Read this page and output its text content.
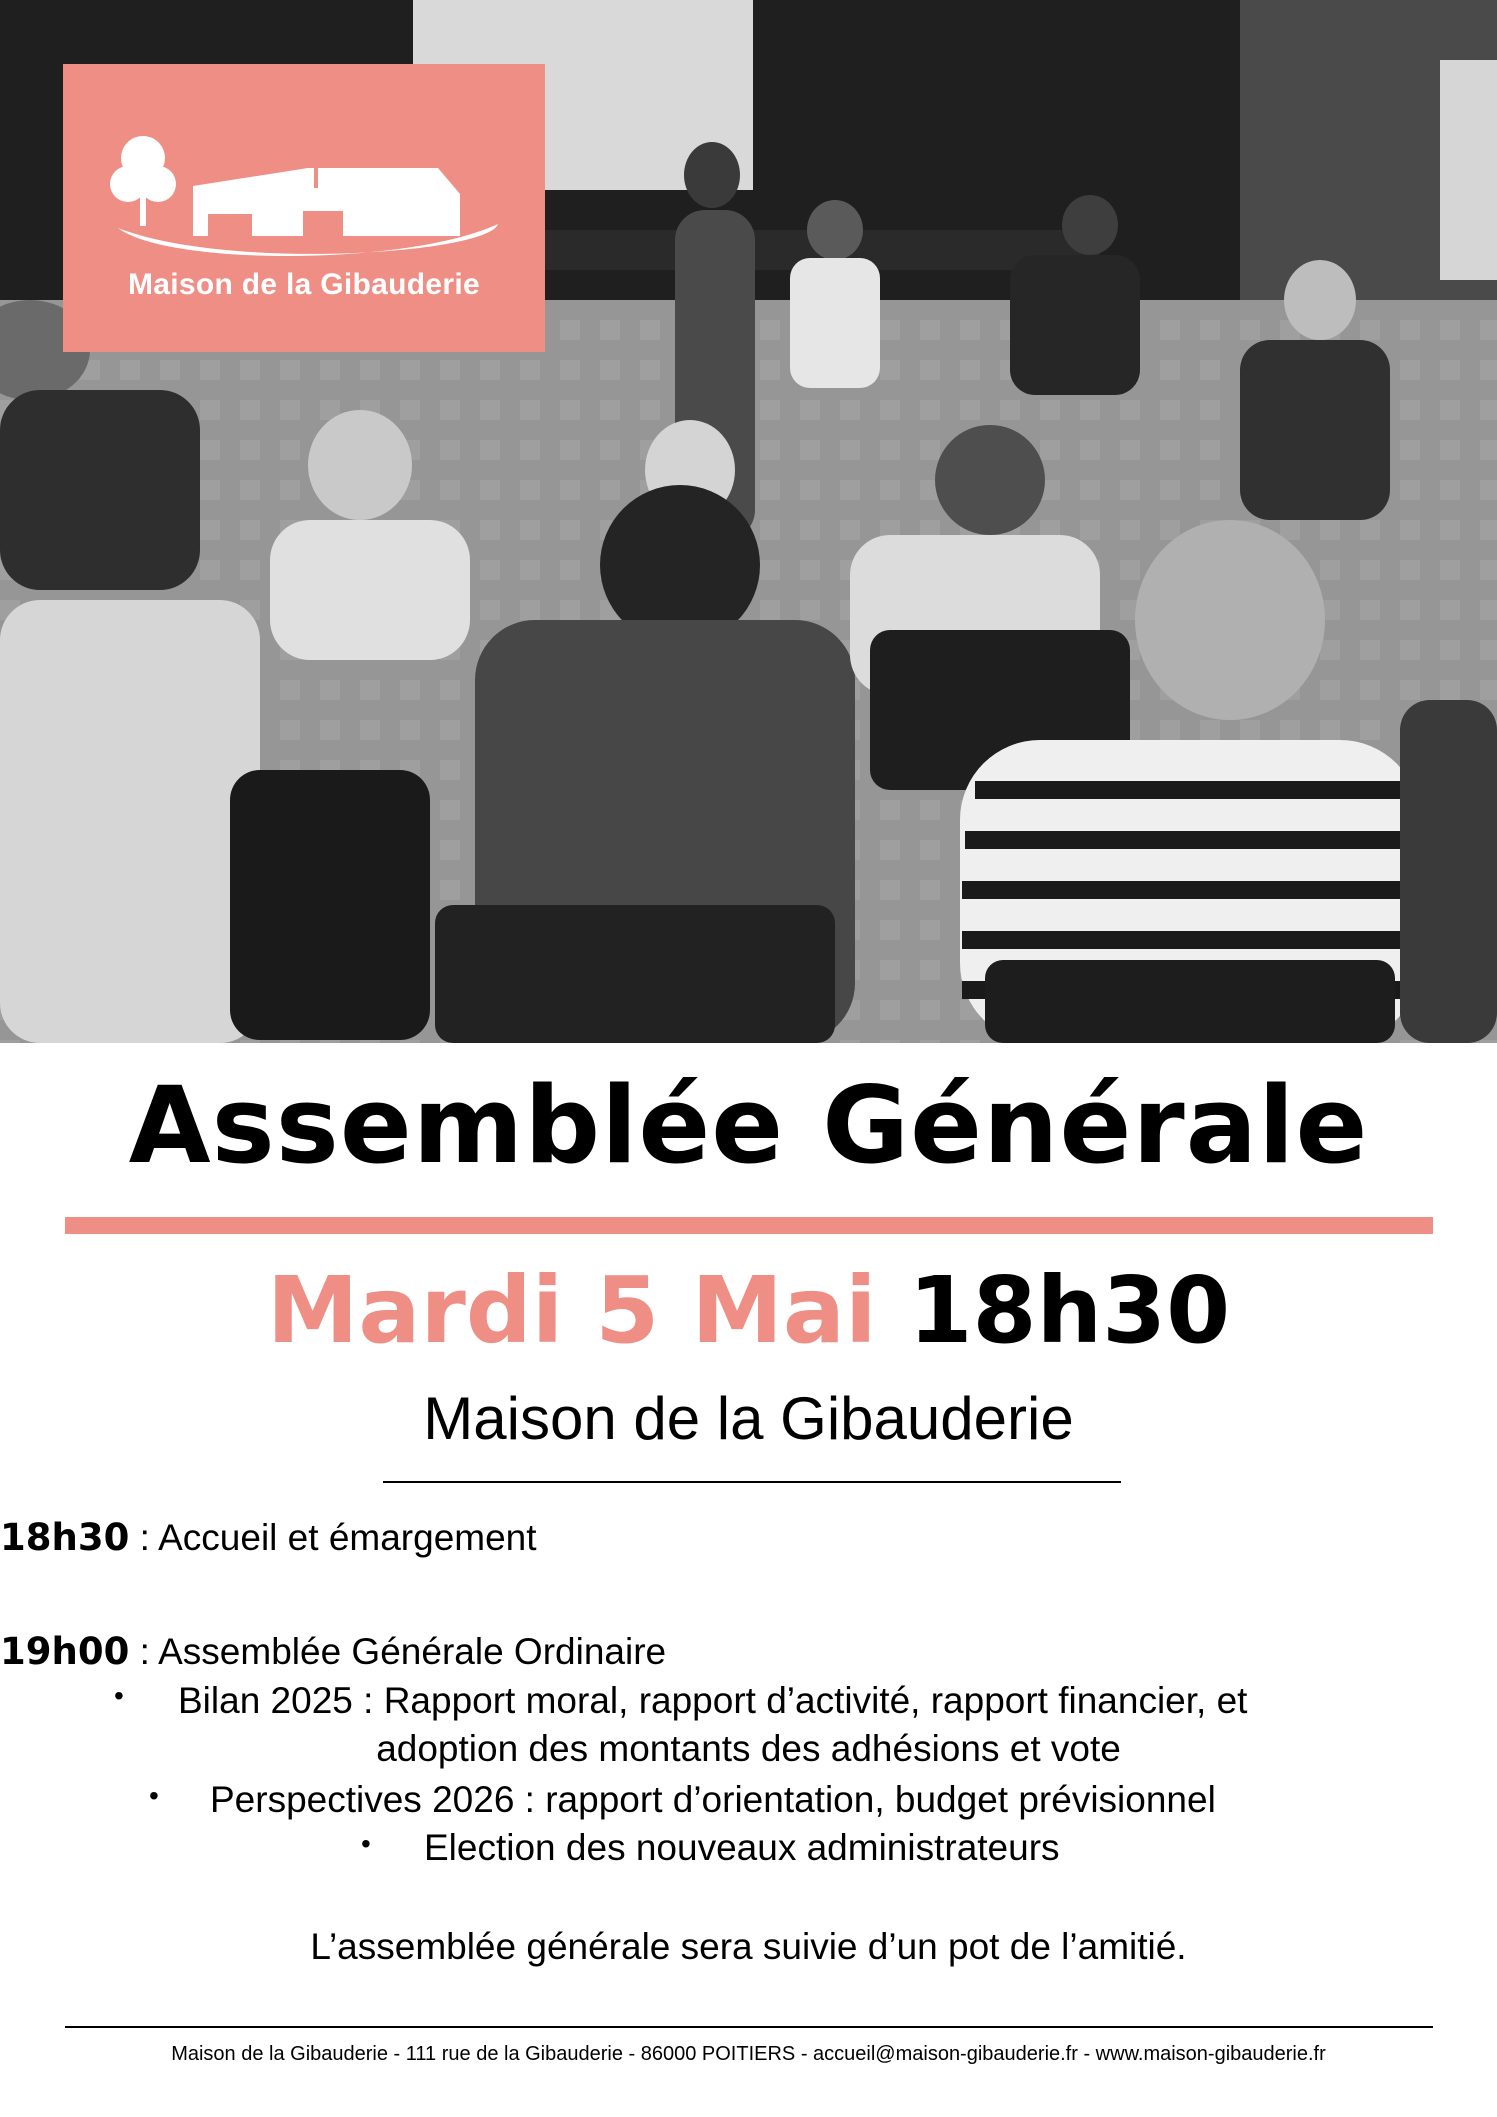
Maison de la Gibauderie
Assemblée Générale
Mardi 5 Mai 18h30
Maison de la Gibauderie
18h30 : Accueil et émargement
19h00 : Assemblée Générale Ordinaire
• Bilan 2025 : Rapport moral, rapport d’activité, rapport financier, et
adoption des montants des adhésions et vote
• Perspectives 2026 : rapport d’orientation, budget prévisionnel
• Election des nouveaux administrateurs
L’assemblée générale sera suivie d’un pot de l’amitié.
Maison de la Gibauderie - 111 rue de la Gibauderie - 86000 POITIERS - accueil@maison-gibauderie.fr - www.maison-gibauderie.fr
